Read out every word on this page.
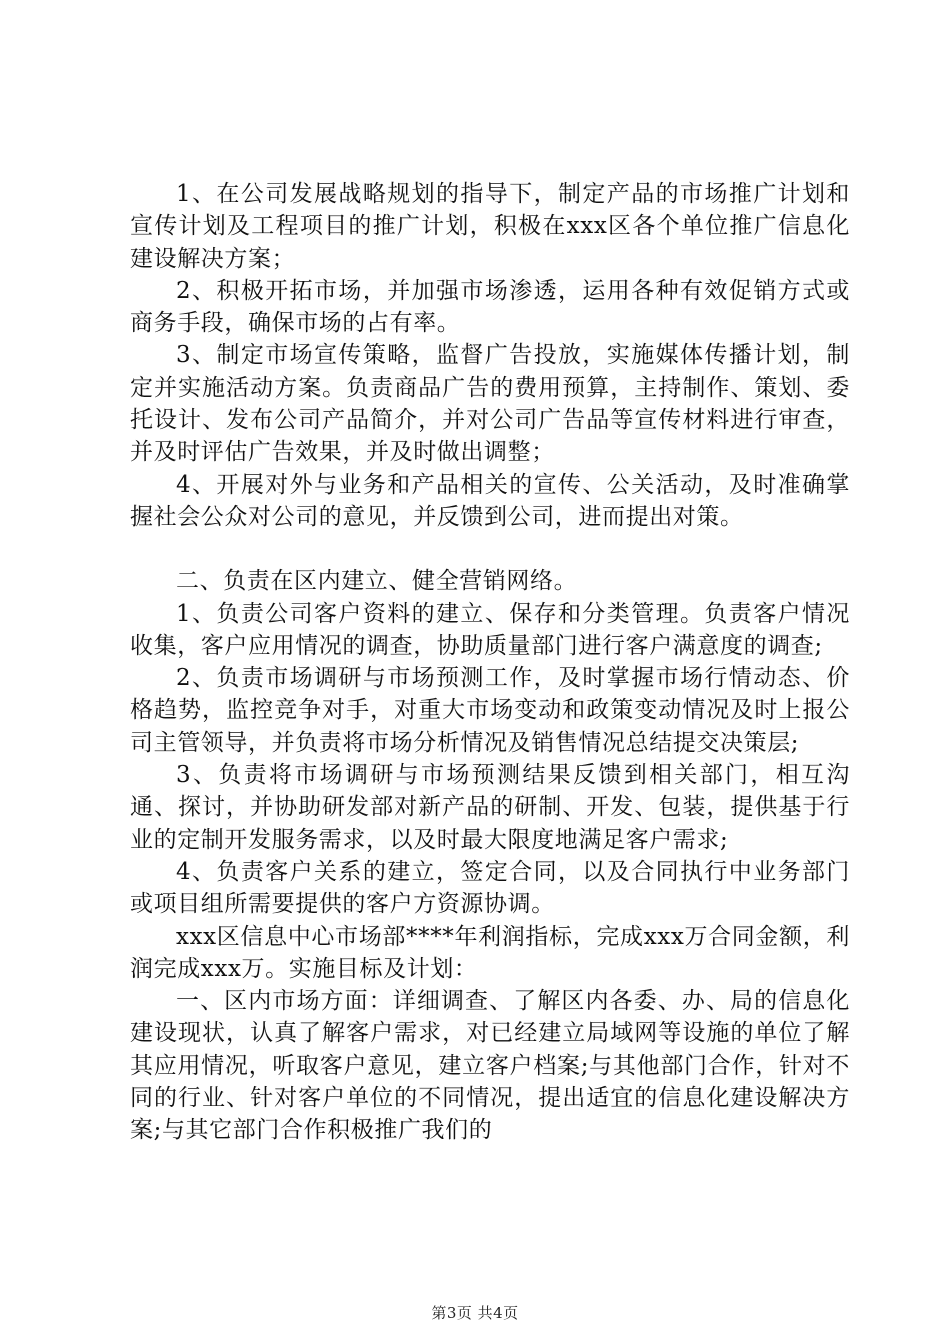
1、在公司发展战略规划的指导下，制定产品的市场推广计划和宣传计划及工程项目的推广计划，积极在xxx区各个单位推广信息化建设解决方案；

2、积极开拓市场，并加强市场渗透，运用各种有效促销方式或商务手段，确保市场的占有率。

3、制定市场宣传策略，监督广告投放，实施媒体传播计划，制定并实施活动方案。负责商品广告的费用预算，主持制作、策划、委托设计、发布公司产品简介，并对公司广告品等宣传材料进行审查，并及时评估广告效果，并及时做出调整；

4、开展对外与业务和产品相关的宣传、公关活动，及时准确掌握社会公众对公司的意见，并反馈到公司，进而提出对策。

二、负责在区内建立、健全营销网络。

1、负责公司客户资料的建立、保存和分类管理。负责客户情况收集，客户应用情况的调查，协助质量部门进行客户满意度的调查;

2、负责市场调研与市场预测工作，及时掌握市场行情动态、价格趋势，监控竞争对手，对重大市场变动和政策变动情况及时上报公司主管领导，并负责将市场分析情况及销售情况总结提交决策层;

3、负责将市场调研与市场预测结果反馈到相关部门，相互沟通、探讨，并协助研发部对新产品的研制、开发、包装，提供基于行业的定制开发服务需求，以及时最大限度地满足客户需求;

4、负责客户关系的建立，签定合同，以及合同执行中业务部门或项目组所需要提供的客户方资源协调。

xxx区信息中心市场部****年利润指标，完成xxx万合同金额，利润完成xxx万。实施目标及计划：

一、区内市场方面：详细调查、了解区内各委、办、局的信息化建设现状，认真了解客户需求，对已经建立局域网等设施的单位了解其应用情况，听取客户意见，建立客户档案;与其他部门合作，针对不同的行业、针对客户单位的不同情况，提出适宜的信息化建设解决方案;与其它部门合作积极推广我们的

第3页 共4页
